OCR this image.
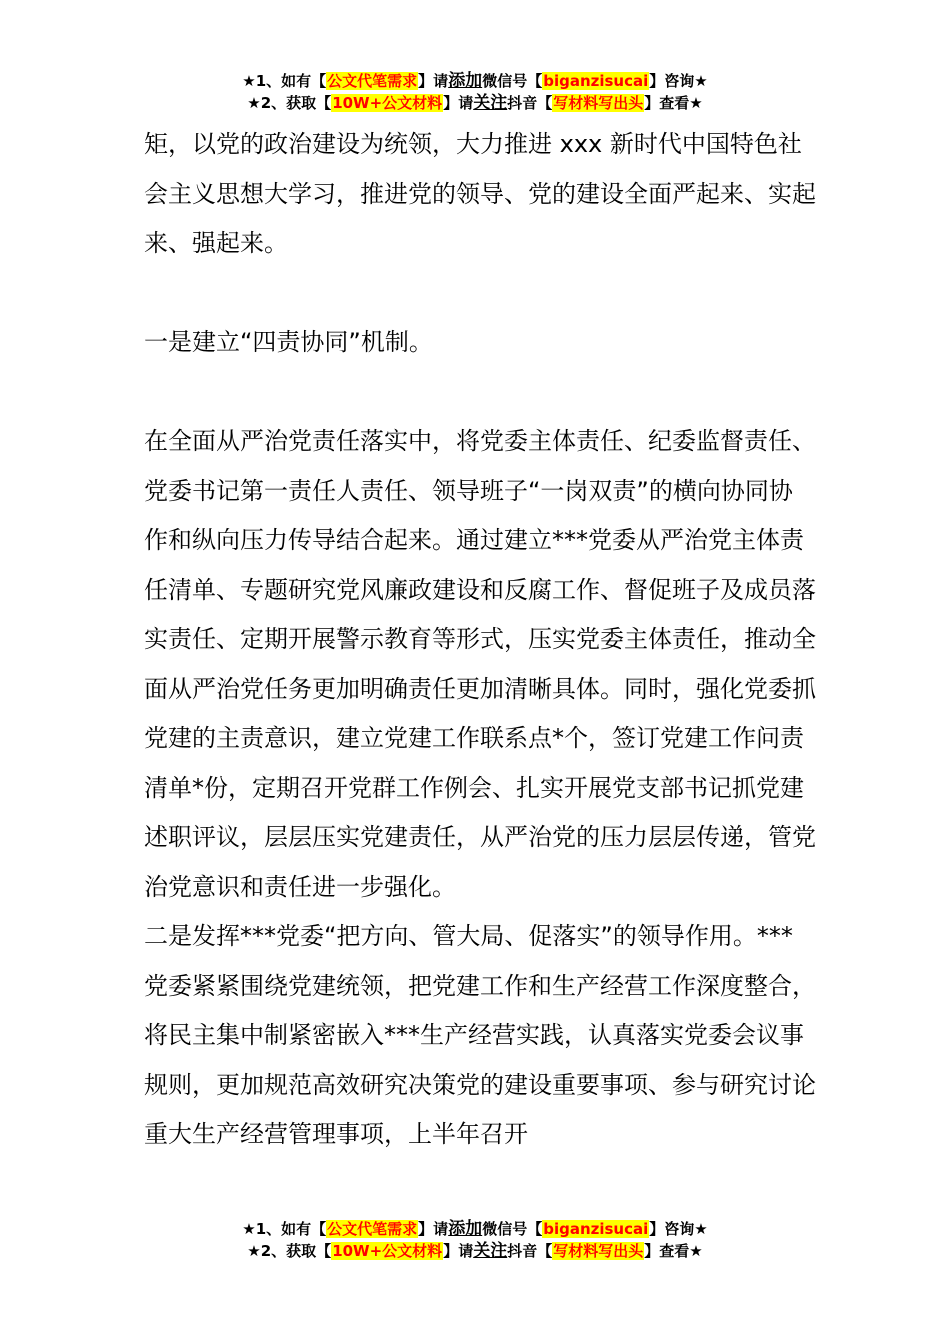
★1、如有【公文代笔需求】请添加微信号【biganzisucai】咨询★
★2、获取【10W+公文材料】请关注抖音【写材料写出头】查看★

矩，以党的政治建设为统领，大力推进 xxx 新时代中国特色社会主义思想大学习，推进党的领导、党的建设全面严起来、实起来、强起来。

一是建立“四责协同”机制。

在全面从严治党责任落实中，将党委主体责任、纪委监督责任、党委书记第一责任人责任、领导班子“一岗双责”的横向协同协作和纵向压力传导结合起来。通过建立***党委从严治党主体责任清单、专题研究党风廉政建设和反腐工作、督促班子及成员落实责任、定期开展警示教育等形式，压实党委主体责任，推动全面从严治党任务更加明确责任更加清晰具体。同时，强化党委抓党建的主责意识，建立党建工作联系点*个，签订党建工作问责清单*份，定期召开党群工作例会、扎实开展党支部书记抓党建述职评议，层层压实党建责任，从严治党的压力层层传递，管党治党意识和责任进一步强化。

二是发挥***党委“把方向、管大局、促落实”的领导作用。***党委紧紧围绕党建统领，把党建工作和生产经营工作深度整合，将民主集中制紧密嵌入***生产经营实践，认真落实党委会议事规则，更加规范高效研究决策党的建设重要事项、参与研究讨论重大生产经营管理事项，上半年召开

★1、如有【公文代笔需求】请添加微信号【biganzisucai】咨询★
★2、获取【10W+公文材料】请关注抖音【写材料写出头】查看★
